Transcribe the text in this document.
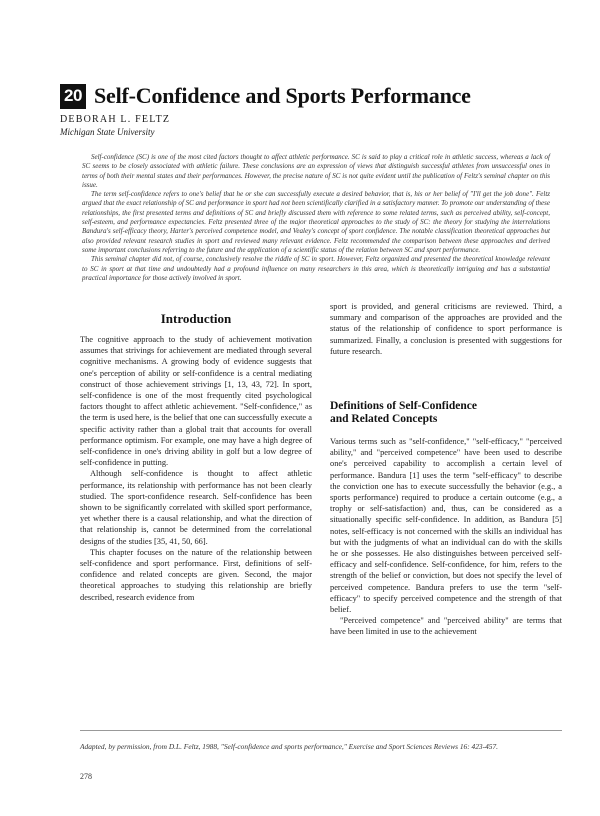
20 Self-Confidence and Sports Performance
DEBORAH L. FELTZ
Michigan State University

Self-confidence (SC) is one of the most cited factors thought to affect athletic performance. SC is said to play a critical role in athletic success, whereas a lack of SC seems to be closely associated with athletic failure. These conclusions are an expression of views that distinguish successful athletes from unsuccessful ones in terms of both their mental states and their performances. However, the precise nature of SC is not quite evident until the publication of Feltz's seminal chapter on this issue.

The term self-confidence refers to one's belief that he or she can successfully execute a desired behavior, that is, his or her belief of "I'll get the job done". Feltz argued that the exact relationship of SC and performance in sport had not been scientifically clarified in a satisfactory manner. To promote our understanding of these relationships, the first presented terms and definitions of SC and briefly discussed them with reference to some related terms, such as perceived ability, self-concept, self-esteem, and performance expectancies. Feltz presented three of the major theoretical approaches to the study of SC: the theory for studying the interrelations Bandura's self-efficacy theory, Harter's perceived competence model, and Vealey's concept of sport confidence. The notable classification theoretical approaches but also provided relevant research studies in sport and reviewed many relevant evidence. Feltz recommended the comparison between these approaches and derived some important conclusions referring to the future and the application of a scientific status of the relation between SC and sport performance.

This seminal chapter did not, of course, conclusively resolve the riddle of SC in sport. However, Feltz organized and presented the theoretical knowledge relevant to SC in sport at that time and undoubtedly had a profound influence on many researchers in this area, which is theoretically intriguing and has a substantial practical importance for those actively involved in sport.

Introduction

The cognitive approach to the study of achievement motivation assumes that strivings for achievement are mediated through several cognitive mechanisms. A growing body of evidence suggests that one's perception of ability or self-confidence is a central mediating construct of those achievement strivings [1, 13, 43, 72]. In sport, self-confidence is one of the most frequently cited psychological factors thought to affect athletic achievement. "Self-confidence," as the term is used here, is the belief that one can successfully execute a specific activity rather than a global trait that accounts for overall performance optimism. For example, one may have a high degree of self-confidence in one's driving ability in golf but a low degree of self-confidence in putting.

Although self-confidence is thought to affect athletic performance, its relationship with performance has not been clearly studied. The sport-confidence research. Self-confidence has been shown to be significantly correlated with skilled sport performance, yet whether there is a causal relationship, and what the direction of that relationship is, cannot be determined from the correlational designs of the studies [35, 41, 50, 66].

This chapter focuses on the nature of the relationship between self-confidence and sport performance. First, definitions of self-confidence and related concepts are given. Second, the major theoretical approaches to studying this relationship are briefly described, research evidence from

sport is provided, and general criticisms are reviewed. Third, a summary and comparison of the approaches are provided and the status of the relationship of confidence to sport performance is summarized. Finally, a conclusion is presented with suggestions for future research.

Definitions of Self-Confidence
and Related Concepts

Various terms such as "self-confidence," "self-efficacy," "perceived ability," and "perceived competence" have been used to describe one's perceived capability to accomplish a certain level of performance. Bandura [1] uses the term "self-efficacy" to describe the conviction one has to execute successfully the behavior (e.g., a sports performance) required to produce a certain outcome (e.g., a trophy or self-satisfaction) and, thus, can be considered as a situationally specific self-confidence. In addition, as Bandura [5] notes, self-efficacy is not concerned with the skills an individual has but with the judgments of what an individual can do with the skills he or she possesses. He also distinguishes between perceived self-efficacy and self-confidence. Self-confidence, for him, refers to the strength of the belief or conviction, but does not specify the level of perceived competence. Bandura prefers to use the term "self-efficacy" to specify perceived competence and the strength of that belief.

"Perceived competence" and "perceived ability" are terms that have been limited in use to the achievement

Adapted, by permission, from D.L. Feltz, 1988, "Self-confidence and sports performance," Exercise and Sport Sciences Reviews 16: 423-457.
278
